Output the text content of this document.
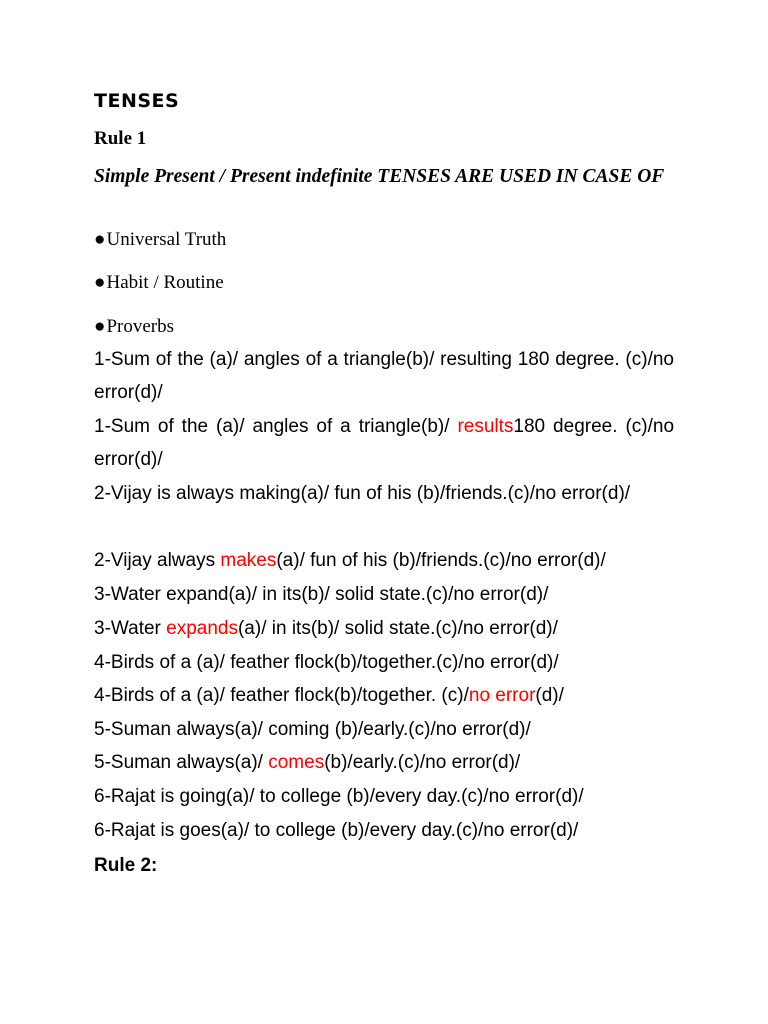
TENSES
Rule 1
Simple Present / Present indefinite TENSES ARE USED IN CASE OF
●Universal Truth
●Habit / Routine
●Proverbs
1-Sum of the (a)/ angles of a triangle(b)/ resulting 180 degree. (c)/no error(d)/
1-Sum of the (a)/ angles of a triangle(b)/ results180 degree. (c)/no error(d)/
2-Vijay is always making(a)/ fun of his (b)/friends.(c)/no error(d)/
2-Vijay always makes(a)/ fun of his (b)/friends.(c)/no error(d)/
3-Water expand(a)/ in its(b)/ solid state.(c)/no error(d)/
3-Water expands(a)/ in its(b)/ solid state.(c)/no error(d)/
4-Birds of a (a)/ feather flock(b)/together.(c)/no error(d)/
4-Birds of a (a)/ feather flock(b)/together. (c)/no error(d)/
5-Suman always(a)/ coming (b)/early.(c)/no error(d)/
5-Suman always(a)/ comes(b)/early.(c)/no error(d)/
6-Rajat is going(a)/ to college (b)/every day.(c)/no error(d)/
6-Rajat is goes(a)/ to college (b)/every day.(c)/no error(d)/
Rule 2:
